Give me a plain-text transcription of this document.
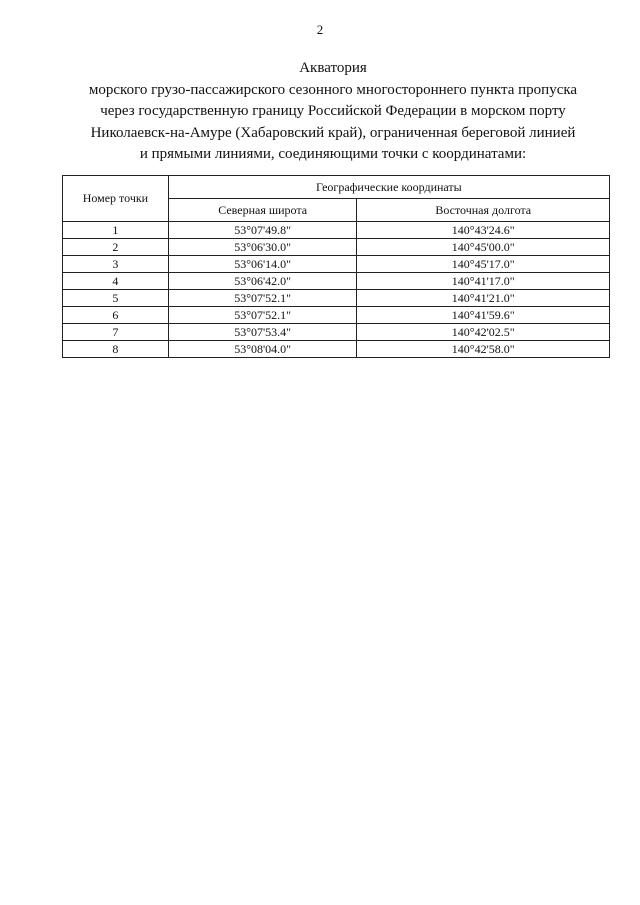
2
Акватория
морского грузо-пассажирского сезонного многостороннего пункта пропуска
через государственную границу Российской Федерации в морском порту
Николаевск-на-Амуре (Хабаровский край), ограниченная береговой линией
и прямыми линиями, соединяющими точки с координатами:
Номер точки	Географические координаты	
	Северная широта	Восточная долгота
1	53°07'49.8"	140°43'24.6"
2	53°06'30.0"	140°45'00.0"
3	53°06'14.0"	140°45'17.0"
4	53°06'42.0"	140°41'17.0"
5	53°07'52.1"	140°41'21.0"
6	53°07'52.1"	140°41'59.6"
7	53°07'53.4"	140°42'02.5"
8	53°08'04.0"	140°42'58.0"
